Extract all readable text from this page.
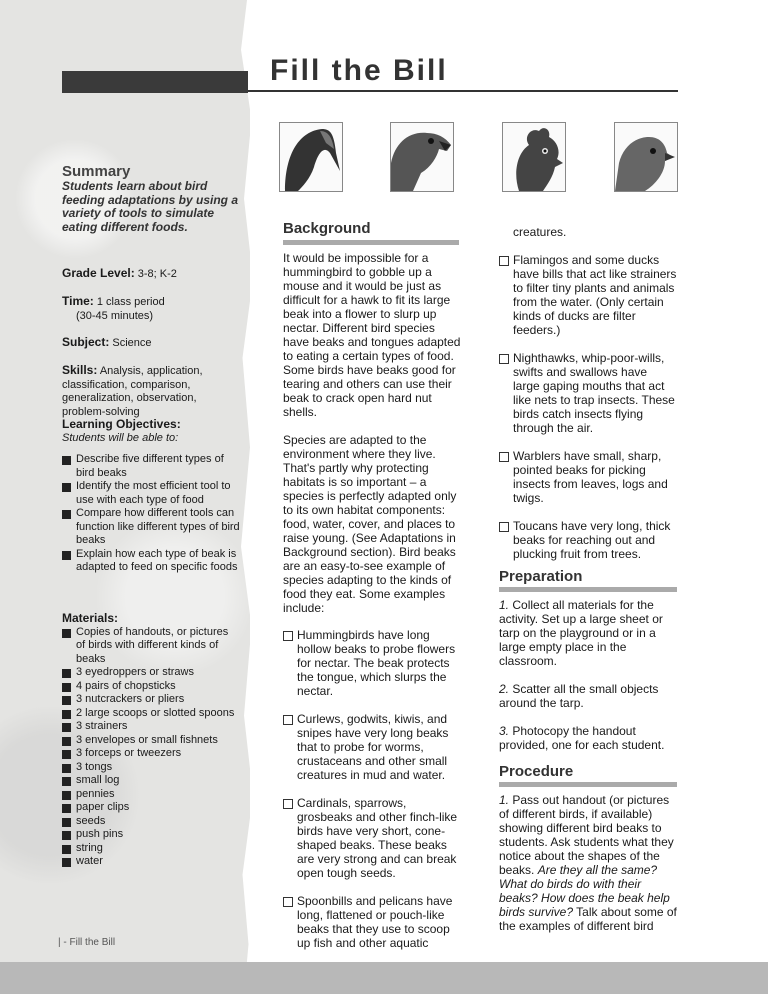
Fill the Bill
Summary
Students learn about bird feeding adaptations by using a variety of tools to simulate eating different foods.
Grade Level: 3-8; K-2
Time: 1 class period
(30-45 minutes)
Subject: Science
Skills: Analysis, application, classification, comparison, generalization, observation, problem-solving
Learning Objectives:
Students will be able to:
Describe five different types of bird beaks
Identify the most efficient tool to use with each type of food
Compare how different tools can function like different types of bird beaks
Explain how each type of beak is adapted to feed on specific foods
Materials:
Copies of handouts, or pictures of birds with different kinds of beaks
3 eyedroppers or straws
4 pairs of chopsticks
3 nutcrackers or pliers
2 large scoops or slotted spoons
3 strainers
3 envelopes or small fishnets
3 forceps or tweezers
3 tongs
small log
pennies
paper clips
seeds
push pins
string
water
| - Fill the Bill
Background

It would be impossible for a hummingbird to gobble up a mouse and it would be just as difficult for a hawk to fit its large beak into a flower to slurp up nectar. Different bird species have beaks and tongues adapted to eating a certain types of food. Some birds have beaks good for tearing and others can use their beak to crack open hard nut shells.

Species are adapted to the environment where they live. That's partly why protecting habitats is so important – a species is perfectly adapted only to its own habitat components: food, water, cover, and places to raise young. (See Adaptations in Background section). Bird beaks are an easy-to-see example of species adapting to the kinds of food they eat. Some examples include:

Hummingbirds have long hollow beaks to probe flowers for nectar. The beak protects the tongue, which slurps the nectar.

Curlews, godwits, kiwis, and snipes have very long beaks that to probe for worms, crustaceans and other small creatures in mud and water.

Cardinals, sparrows, grosbeaks and other finch-like birds have very short, cone-shaped beaks. These beaks are very strong and can break open tough seeds.

Spoonbills and pelicans have long, flattened or pouch-like beaks that they use to scoop up fish and other aquatic

creatures.

Flamingos and some ducks have bills that act like strainers to filter tiny plants and animals from the water. (Only certain kinds of ducks are filter feeders.)

Nighthawks, whip-poor-wills, swifts and swallows have large gaping mouths that act like nets to trap insects. These birds catch insects flying through the air.

Warblers have small, sharp, pointed beaks for picking insects from leaves, logs and twigs.

Toucans have very long, thick beaks for reaching out and plucking fruit from trees.

Preparation

1. Collect all materials for the activity. Set up a large sheet or tarp on the playground or in a large empty place in the classroom.

2. Scatter all the small objects around the tarp.

3. Photocopy the handout provided, one for each student.

Procedure

1. Pass out handout (or pictures of different birds, if available) showing different bird beaks to students. Ask students what they notice about the shapes of the beaks. Are they all the same? What do birds do with their beaks? How does the beak help birds survive? Talk about some of the examples of different bird
